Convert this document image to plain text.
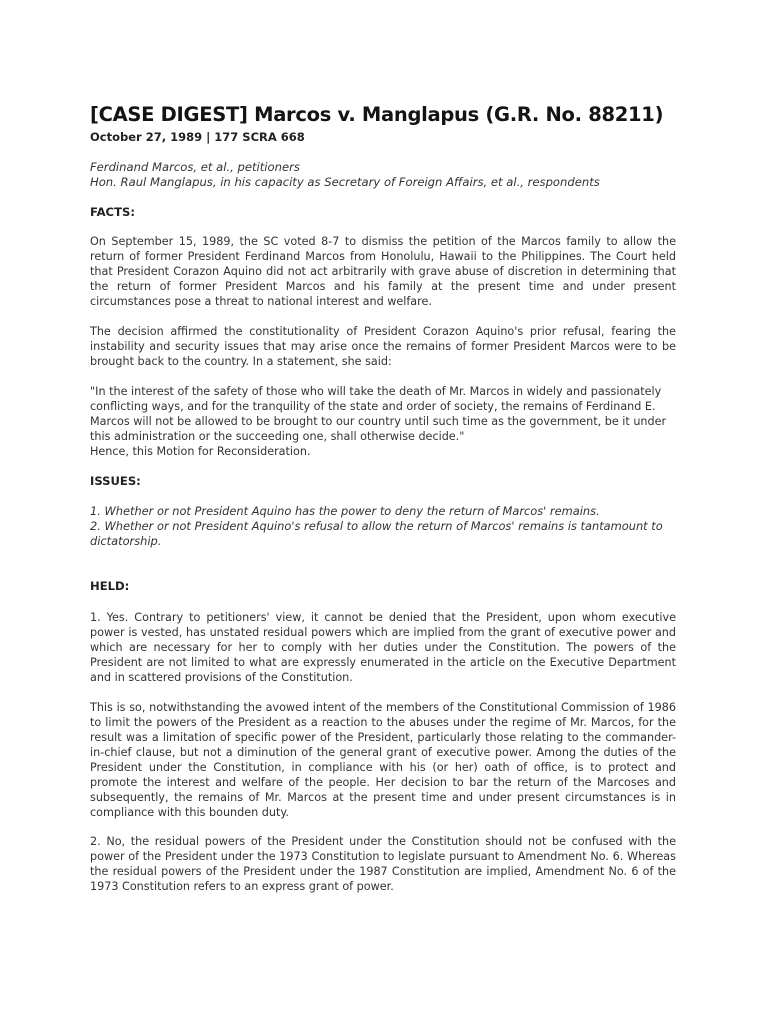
[CASE DIGEST] Marcos v. Manglapus (G.R. No. 88211)
October 27, 1989 | 177 SCRA 668
Ferdinand Marcos, et al., petitioners
Hon. Raul Manglapus, in his capacity as Secretary of Foreign Affairs, et al., respondents
FACTS:
On September 15, 1989, the SC voted 8-7 to dismiss the petition of the Marcos family to allow the return of former President Ferdinand Marcos from Honolulu, Hawaii to the Philippines. The Court held that President Corazon Aquino did not act arbitrarily with grave abuse of discretion in determining that the return of former President Marcos and his family at the present time and under present circumstances pose a threat to national interest and welfare.
The decision affirmed the constitutionality of President Corazon Aquino's prior refusal, fearing the instability and security issues that may arise once the remains of former President Marcos were to be brought back to the country. In a statement, she said:
"In the interest of the safety of those who will take the death of Mr. Marcos in widely and passionately conflicting ways, and for the tranquility of the state and order of society, the remains of Ferdinand E. Marcos will not be allowed to be brought to our country until such time as the government, be it under this administration or the succeeding one, shall otherwise decide."
Hence, this Motion for Reconsideration.
ISSUES:
1. Whether or not President Aquino has the power to deny the return of Marcos' remains.
2. Whether or not President Aquino's refusal to allow the return of Marcos' remains is tantamount to dictatorship.
HELD:
1. Yes. Contrary to petitioners' view, it cannot be denied that the President, upon whom executive power is vested, has unstated residual powers which are implied from the grant of executive power and which are necessary for her to comply with her duties under the Constitution. The powers of the President are not limited to what are expressly enumerated in the article on the Executive Department and in scattered provisions of the Constitution.
This is so, notwithstanding the avowed intent of the members of the Constitutional Commission of 1986 to limit the powers of the President as a reaction to the abuses under the regime of Mr. Marcos, for the result was a limitation of specific power of the President, particularly those relating to the commander-in-chief clause, but not a diminution of the general grant of executive power. Among the duties of the President under the Constitution, in compliance with his (or her) oath of office, is to protect and promote the interest and welfare of the people. Her decision to bar the return of the Marcoses and subsequently, the remains of Mr. Marcos at the present time and under present circumstances is in compliance with this bounden duty.
2. No, the residual powers of the President under the Constitution should not be confused with the power of the President under the 1973 Constitution to legislate pursuant to Amendment No. 6. Whereas the residual powers of the President under the 1987 Constitution are implied, Amendment No. 6 of the 1973 Constitution refers to an express grant of power.
